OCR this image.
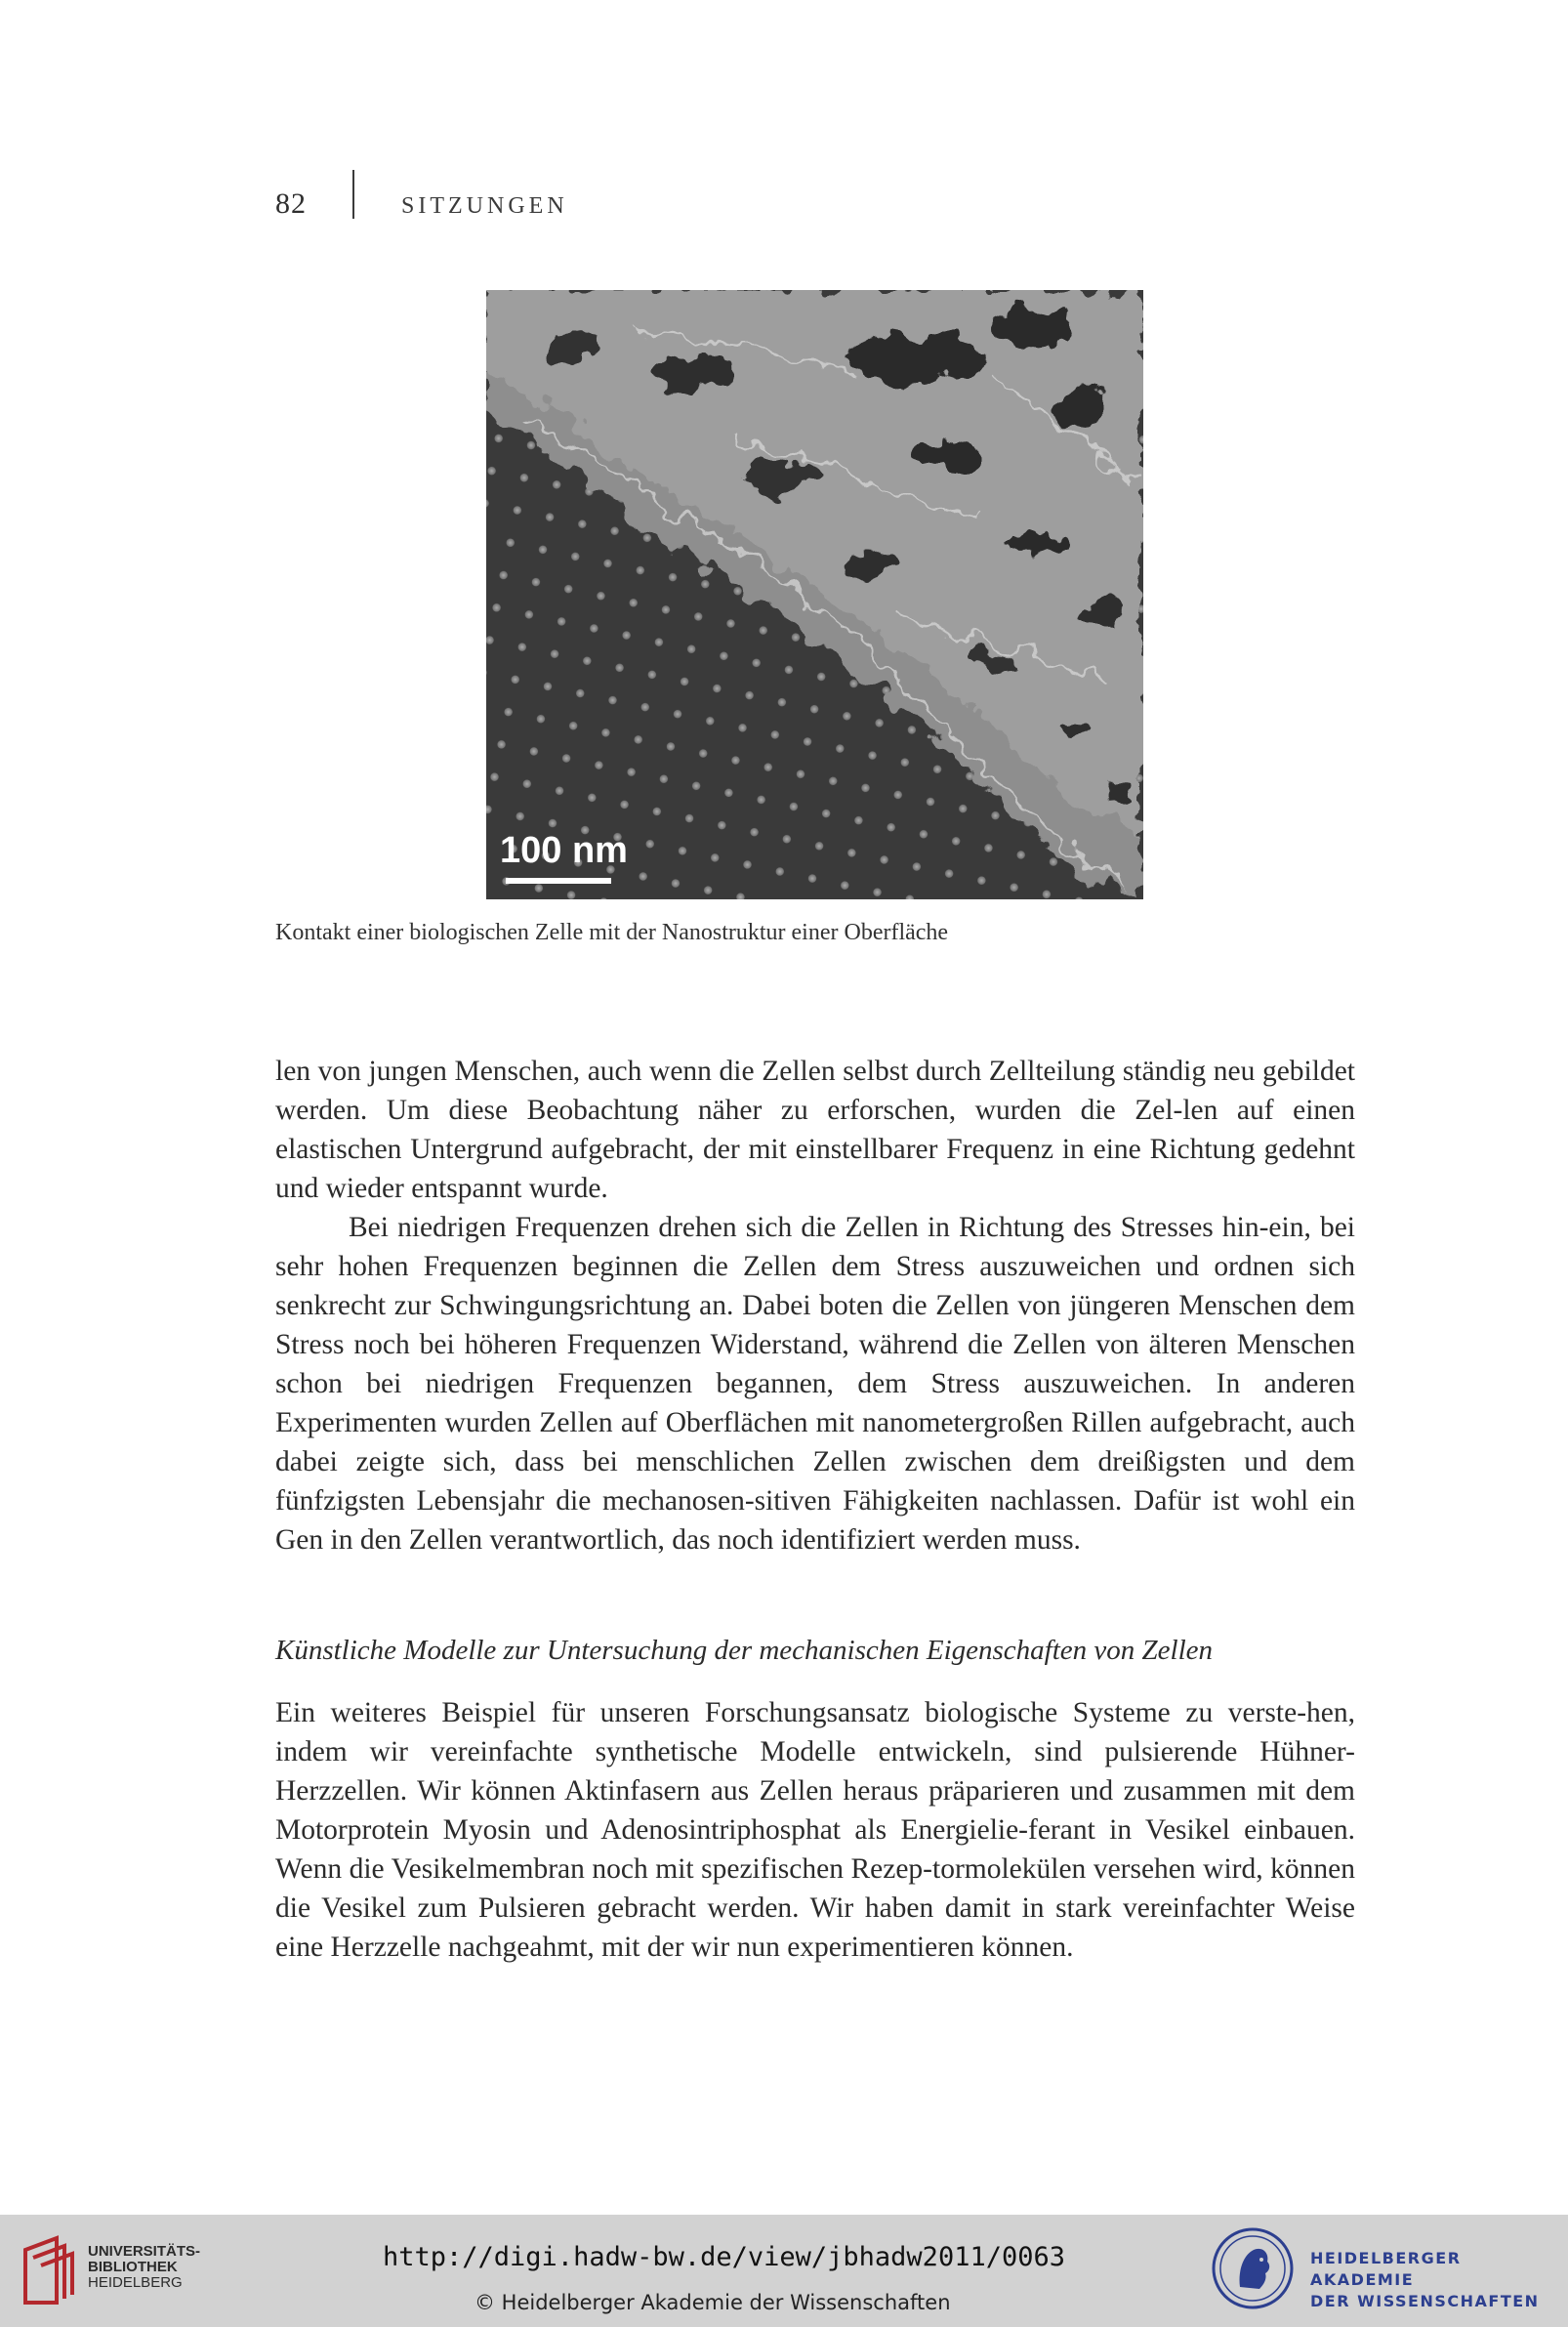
82	SITZUNGEN
100 nm
Kontakt einer biologischen Zelle mit der Nanostruktur einer Oberfläche

len von jungen Menschen, auch wenn die Zellen selbst durch Zellteilung ständig neu gebildet werden. Um diese Beobachtung näher zu erforschen, wurden die Zel-len auf einen elastischen Untergrund aufgebracht, der mit einstellbarer Frequenz in eine Richtung gedehnt und wieder entspannt wurde.

Bei niedrigen Frequenzen drehen sich die Zellen in Richtung des Stresses hin-ein, bei sehr hohen Frequenzen beginnen die Zellen dem Stress auszuweichen und ordnen sich senkrecht zur Schwingungsrichtung an. Dabei boten die Zellen von jüngeren Menschen dem Stress noch bei höheren Frequenzen Widerstand, während die Zellen von älteren Menschen schon bei niedrigen Frequenzen begannen, dem Stress auszuweichen. In anderen Experimenten wurden Zellen auf Oberflächen mit nanometergroßen Rillen aufgebracht, auch dabei zeigte sich, dass bei menschlichen Zellen zwischen dem dreißigsten und dem fünfzigsten Lebensjahr die mechanosen-sitiven Fähigkeiten nachlassen. Dafür ist wohl ein Gen in den Zellen verantwortlich, das noch identifiziert werden muss.

Künstliche Modelle zur Untersuchung der mechanischen Eigenschaften von Zellen

Ein weiteres Beispiel für unseren Forschungsansatz biologische Systeme zu verste-hen, indem wir vereinfachte synthetische Modelle entwickeln, sind pulsierende Hühner-Herzzellen. Wir können Aktinfasern aus Zellen heraus präparieren und zusammen mit dem Motorprotein Myosin und Adenosintriphosphat als Energielie-ferant in Vesikel einbauen. Wenn die Vesikelmembran noch mit spezifischen Rezep-tormolekülen versehen wird, können die Vesikel zum Pulsieren gebracht werden. Wir haben damit in stark vereinfachter Weise eine Herzzelle nachgeahmt, mit der wir nun experimentieren können.

UNIVERSITÄTS-
BIBLIOTHEK
HEIDELBERG
http://digi.hadw-bw.de/view/jbhadw2011/0063
© Heidelberger Akademie der Wissenschaften
HEIDELBERGER AKADEMIE
DER WISSENSCHAFTEN
